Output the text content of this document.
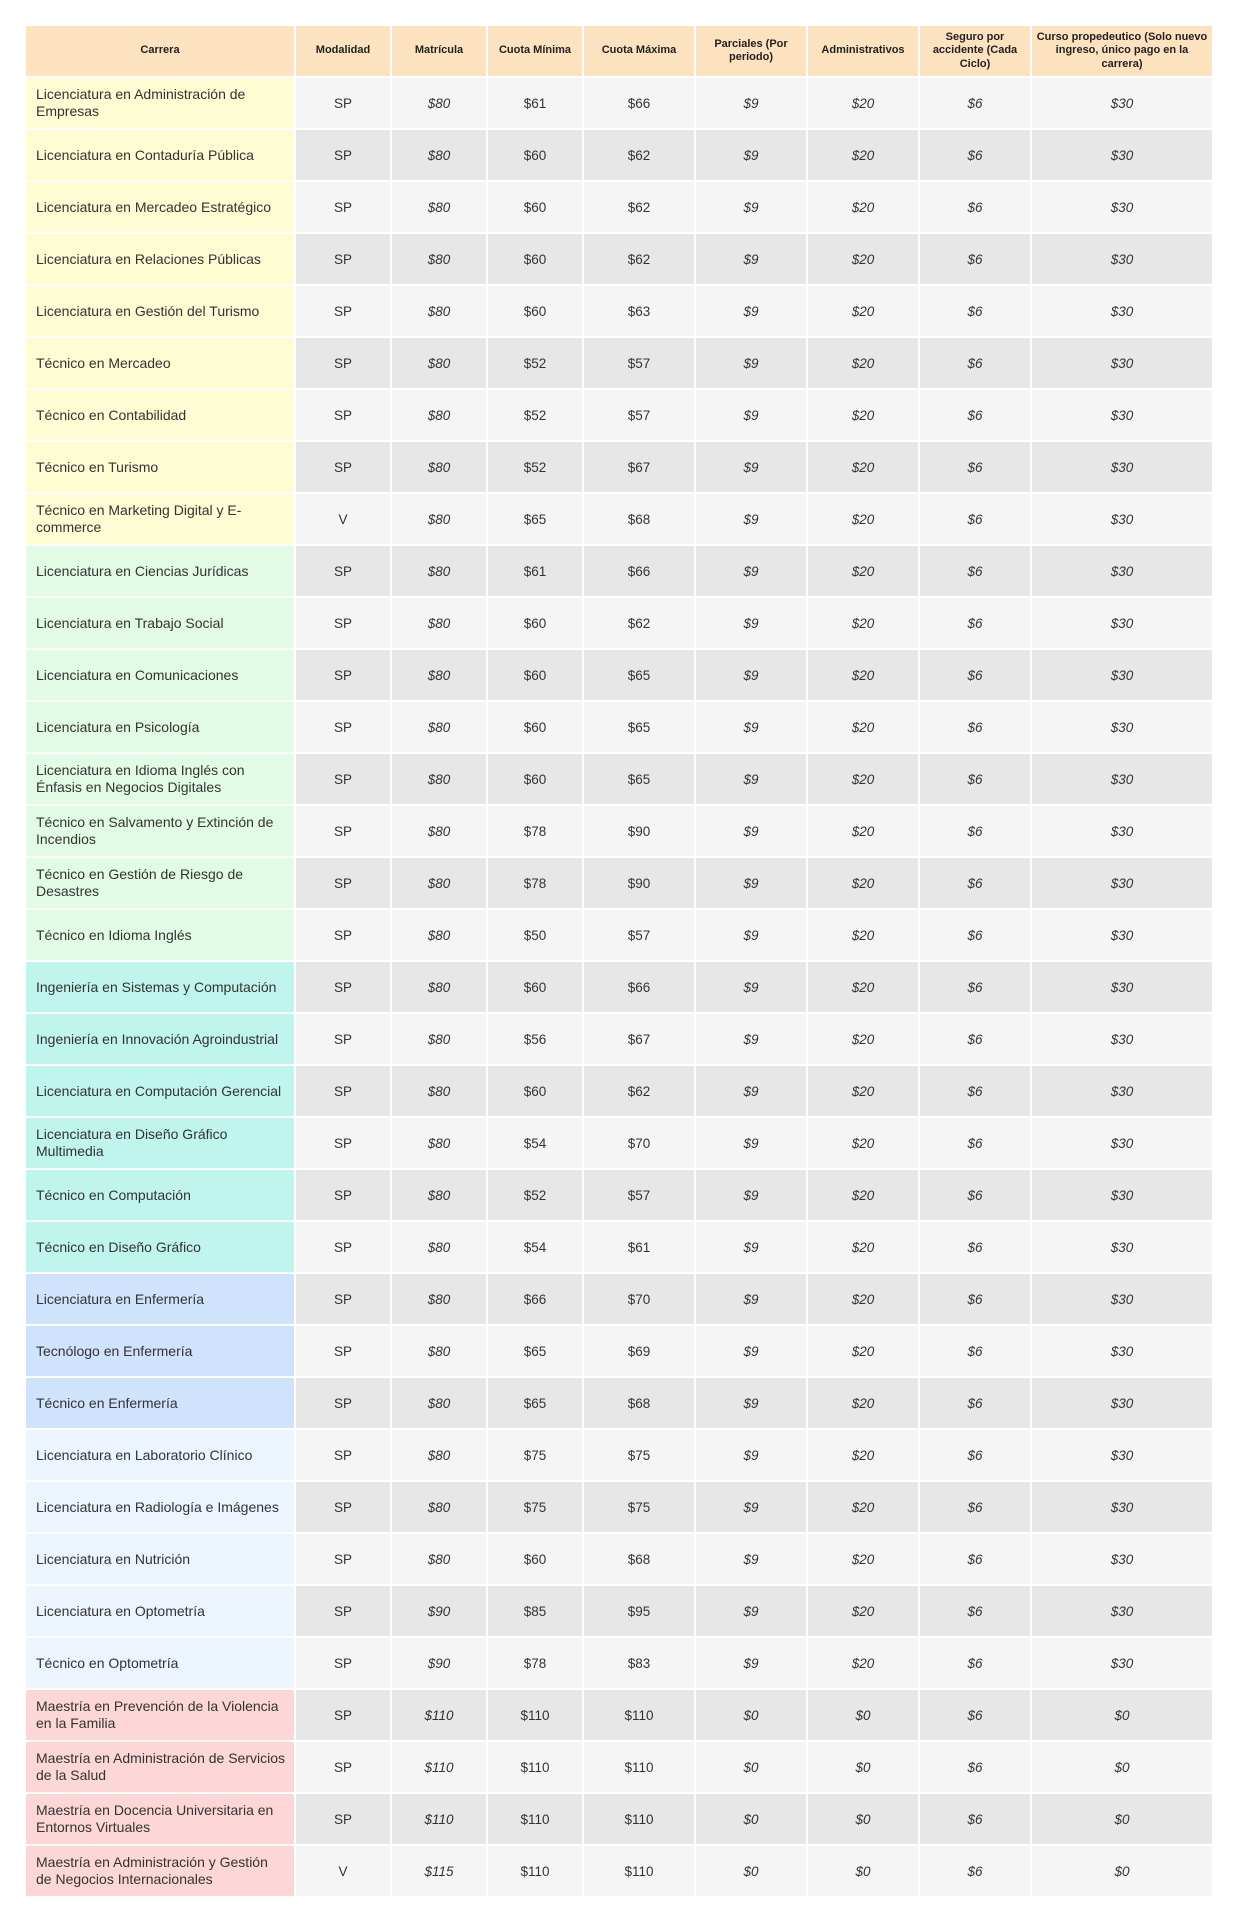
Carrera	Modalidad	Matrícula	Cuota Mínima	Cuota Máxima	Parciales (Por periodo)	Administrativos	Seguro por accidente (Cada Ciclo)	Curso propedeutico (Solo nuevo ingreso, único pago en la carrera)
Licenciatura en Administración de Empresas	SP	$80	$61	$66	$9	$20	$6	$30
Licenciatura en Contaduría Pública	SP	$80	$60	$62	$9	$20	$6	$30
Licenciatura en Mercadeo Estratégico	SP	$80	$60	$62	$9	$20	$6	$30
Licenciatura en Relaciones Públicas	SP	$80	$60	$62	$9	$20	$6	$30
Licenciatura en Gestión del Turismo	SP	$80	$60	$63	$9	$20	$6	$30
Técnico en Mercadeo	SP	$80	$52	$57	$9	$20	$6	$30
Técnico en Contabilidad	SP	$80	$52	$57	$9	$20	$6	$30
Técnico en Turismo	SP	$80	$52	$67	$9	$20	$6	$30
Técnico en Marketing Digital y E-commerce	V	$80	$65	$68	$9	$20	$6	$30
Licenciatura en Ciencias Jurídicas	SP	$80	$61	$66	$9	$20	$6	$30
Licenciatura en Trabajo Social	SP	$80	$60	$62	$9	$20	$6	$30
Licenciatura en Comunicaciones	SP	$80	$60	$65	$9	$20	$6	$30
Licenciatura en Psicología	SP	$80	$60	$65	$9	$20	$6	$30
Licenciatura en Idioma Inglés con Énfasis en Negocios Digitales	SP	$80	$60	$65	$9	$20	$6	$30
Técnico en Salvamento y Extinción de Incendios	SP	$80	$78	$90	$9	$20	$6	$30
Técnico en Gestión de Riesgo de Desastres	SP	$80	$78	$90	$9	$20	$6	$30
Técnico en Idioma Inglés	SP	$80	$50	$57	$9	$20	$6	$30
Ingeniería en Sistemas y Computación	SP	$80	$60	$66	$9	$20	$6	$30
Ingeniería en Innovación Agroindustrial	SP	$80	$56	$67	$9	$20	$6	$30
Licenciatura en Computación Gerencial	SP	$80	$60	$62	$9	$20	$6	$30
Licenciatura en Diseño Gráfico Multimedia	SP	$80	$54	$70	$9	$20	$6	$30
Técnico en Computación	SP	$80	$52	$57	$9	$20	$6	$30
Técnico en Diseño Gráfico	SP	$80	$54	$61	$9	$20	$6	$30
Licenciatura en Enfermería	SP	$80	$66	$70	$9	$20	$6	$30
Tecnólogo en Enfermería	SP	$80	$65	$69	$9	$20	$6	$30
Técnico en Enfermería	SP	$80	$65	$68	$9	$20	$6	$30
Licenciatura en Laboratorio Clínico	SP	$80	$75	$75	$9	$20	$6	$30
Licenciatura en Radiología e Imágenes	SP	$80	$75	$75	$9	$20	$6	$30
Licenciatura en Nutrición	SP	$80	$60	$68	$9	$20	$6	$30
Licenciatura en Optometría	SP	$90	$85	$95	$9	$20	$6	$30
Técnico en Optometría	SP	$90	$78	$83	$9	$20	$6	$30
Maestría en Prevención de la Violencia en la Familia	SP	$110	$110	$110	$0	$0	$6	$0
Maestría en Administración de Servicios de la Salud	SP	$110	$110	$110	$0	$0	$6	$0
Maestría en Docencia Universitaria en Entornos Virtuales	SP	$110	$110	$110	$0	$0	$6	$0
Maestría en Administración y Gestión de Negocios Internacionales	V	$115	$110	$110	$0	$0	$6	$0
